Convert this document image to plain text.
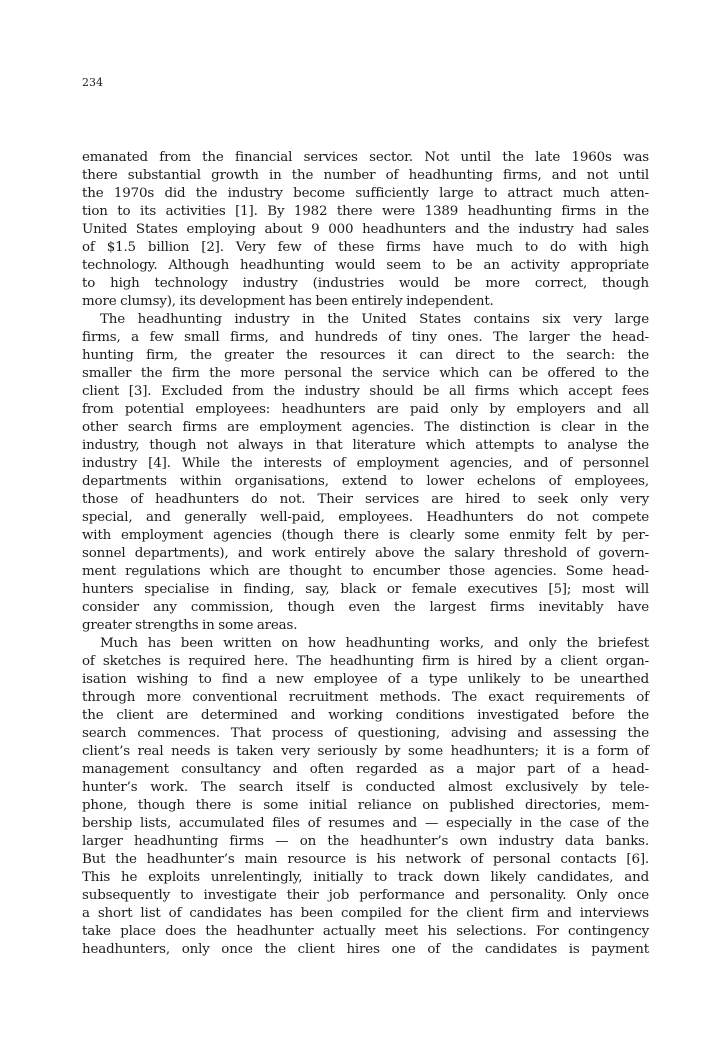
234
emanated from the financial services sector. Not until the late 1960s was
there substantial growth in the number of headhunting firms, and not until
the 1970s did the industry become sufficiently large to attract much atten-
tion to its activities [1]. By 1982 there were 1389 headhunting firms in the
United States employing about 9 000 headhunters and the industry had sales
of $1.5 billion [2]. Very few of these firms have much to do with high
technology. Although headhunting would seem to be an activity appropriate
to high technology industry (industries would be more correct, though
more clumsy), its development has been entirely independent.
The headhunting industry in the United States contains six very large
firms, a few small firms, and hundreds of tiny ones. The larger the head-
hunting firm, the greater the resources it can direct to the search: the
smaller the firm the more personal the service which can be offered to the
client [3]. Excluded from the industry should be all firms which accept fees
from potential employees: headhunters are paid only by employers and all
other search firms are employment agencies. The distinction is clear in the
industry, though not always in that literature which attempts to analyse the
industry [4]. While the interests of employment agencies, and of personnel
departments within organisations, extend to lower echelons of employees,
those of headhunters do not. Their services are hired to seek only very
special, and generally well-paid, employees. Headhunters do not compete
with employment agencies (though there is clearly some enmity felt by per-
sonnel departments), and work entirely above the salary threshold of govern-
ment regulations which are thought to encumber those agencies. Some head-
hunters specialise in finding, say, black or female executives [5]; most will
consider any commission, though even the largest firms inevitably have
greater strengths in some areas.
Much has been written on how headhunting works, and only the briefest
of sketches is required here. The headhunting firm is hired by a client organ-
isation wishing to find a new employee of a type unlikely to be unearthed
through more conventional recruitment methods. The exact requirements of
the client are determined and working conditions investigated before the
search commences. That process of questioning, advising and assessing the
client’s real needs is taken very seriously by some headhunters; it is a form of
management consultancy and often regarded as a major part of a head-
hunter’s work. The search itself is conducted almost exclusively by tele-
phone, though there is some initial reliance on published directories, mem-
bership lists, accumulated files of resumes and — especially in the case of the
larger headhunting firms — on the headhunter’s own industry data banks.
But the headhunter’s main resource is his network of personal contacts [6].
This he exploits unrelentingly, initially to track down likely candidates, and
subsequently to investigate their job performance and personality. Only once
a short list of candidates has been compiled for the client firm and interviews
take place does the headhunter actually meet his selections. For contingency
headhunters, only once the client hires one of the candidates is payment
